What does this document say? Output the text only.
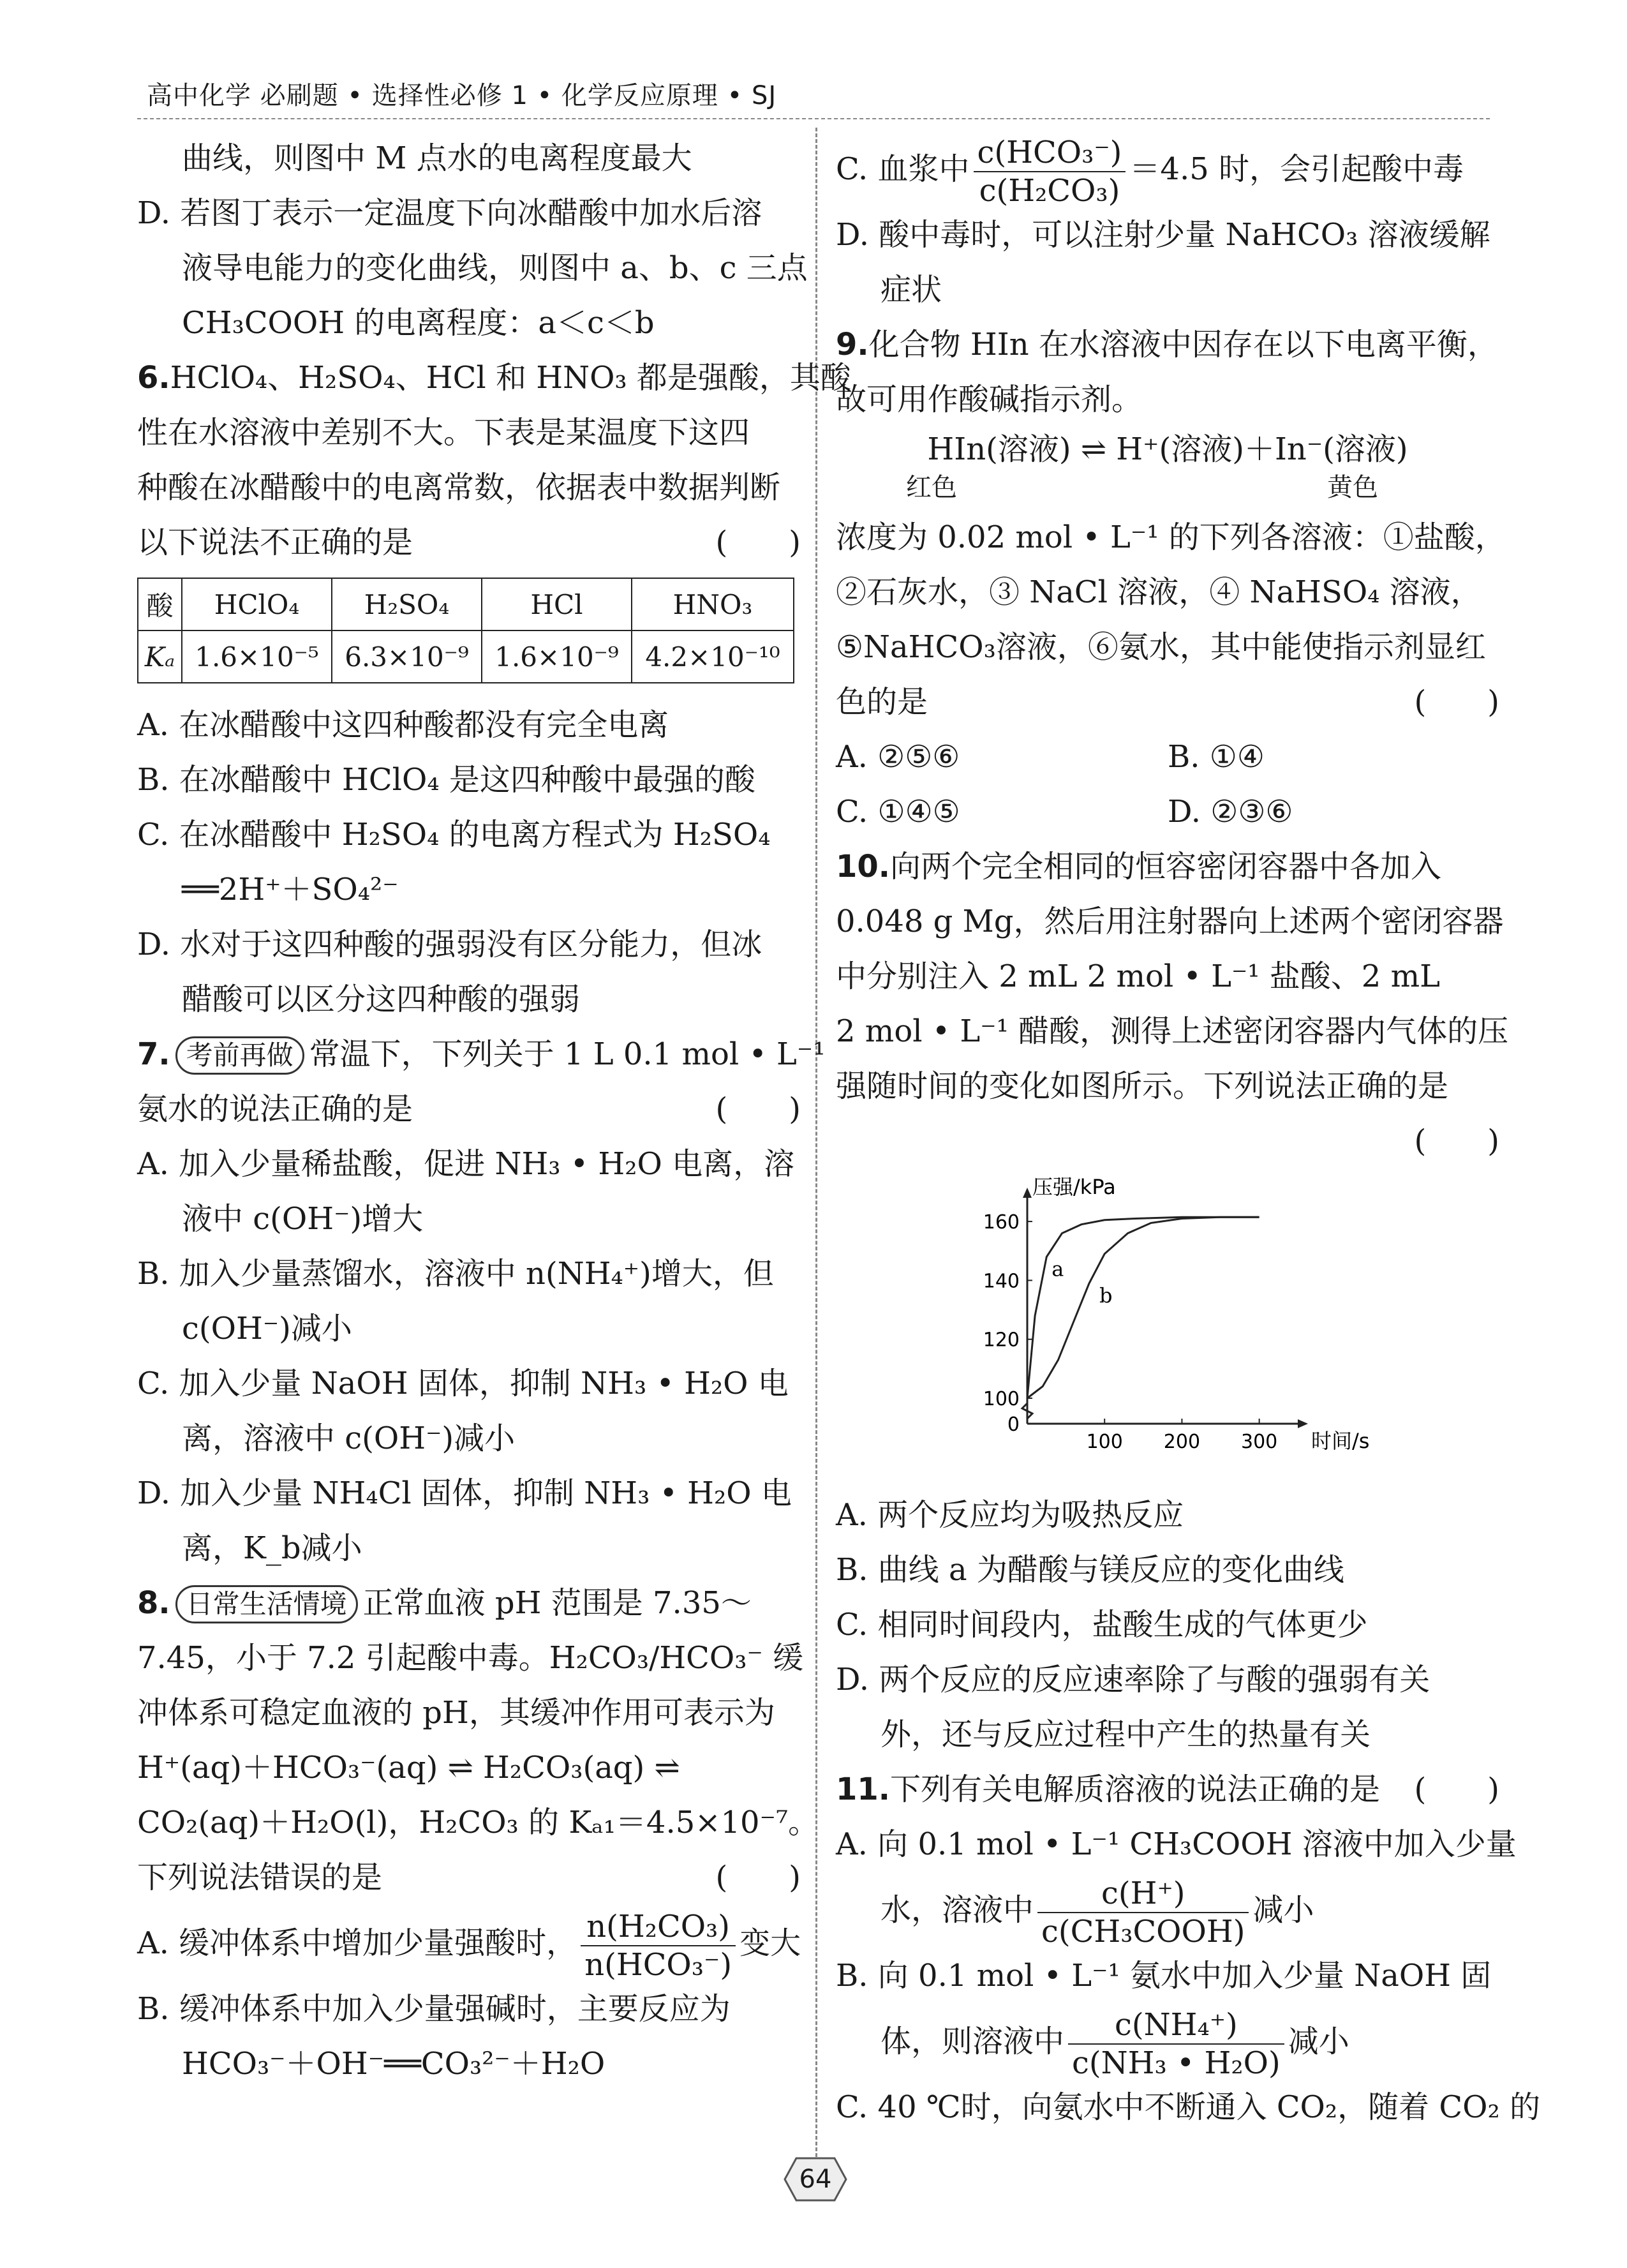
高中化学 必刷题 • 选择性必修 1 • 化学反应原理 • SJ
曲线，则图中 M 点水的电离程度最大
D. 若图丁表示一定温度下向冰醋酸中加水后溶
液导电能力的变化曲线，则图中 a、b、c 三点
CH₃COOH 的电离程度：a＜c＜b
6.HClO₄、H₂SO₄、HCl 和 HNO₃ 都是强酸，其酸
性在水溶液中差别不大。下表是某温度下这四
种酸在冰醋酸中的电离常数，依据表中数据判断
以下说法不正确的是	(　　)
酸	HClO₄	H₂SO₄	HCl	HNO₃
Kₐ	1.6×10⁻⁵	6.3×10⁻⁹	1.6×10⁻⁹	4.2×10⁻¹⁰
A. 在冰醋酸中这四种酸都没有完全电离
B. 在冰醋酸中 HClO₄ 是这四种酸中最强的酸
C. 在冰醋酸中 H₂SO₄ 的电离方程式为 H₂SO₄
══2H⁺＋SO₄²⁻
D. 水对于这四种酸的强弱没有区分能力，但冰
醋酸可以区分这四种酸的强弱
7. 考前再做 常温下，下列关于 1 L 0.1 mol • L⁻¹
氨水的说法正确的是	(　　)
A. 加入少量稀盐酸，促进 NH₃ • H₂O 电离，溶
液中 c(OH⁻)增大
B. 加入少量蒸馏水，溶液中 n(NH₄⁺)增大，但
c(OH⁻)减小
C. 加入少量 NaOH 固体，抑制 NH₃ • H₂O 电
离，溶液中 c(OH⁻)减小
D. 加入少量 NH₄Cl 固体，抑制 NH₃ • H₂O 电
离，K_b减小
8. 日常生活情境 正常血液 pH 范围是 7.35～
7.45，小于 7.2 引起酸中毒。H₂CO₃/HCO₃⁻ 缓
冲体系可稳定血液的 pH，其缓冲作用可表示为
H⁺(aq)＋HCO₃⁻(aq) ⇌ H₂CO₃(aq) ⇌
CO₂(aq)＋H₂O(l)，H₂CO₃ 的 Kₐ₁＝4.5×10⁻⁷。
下列说法错误的是	(　　)
A. 缓冲体系中增加少量强酸时， $\frac{\text{n(H₂CO₃)}}{\text{n(HCO₃⁻)}}$ 变大
B. 缓冲体系中加入少量强碱时，主要反应为
HCO₃⁻＋OH⁻══CO₃²⁻＋H₂O
C. 血浆中 $\frac{\text{c(HCO₃⁻)}}{\text{c(H₂CO₃)}} =4.5$ 时，会引起酸中毒
D. 酸中毒时，可以注射少量 NaHCO₃ 溶液缓解
症状
9.化合物 HIn 在水溶液中因存在以下电离平衡，
故可用作酸碱指示剂。
HIn(溶液) ⇌ H⁺(溶液)＋In⁻(溶液)
红色	黄色
浓度为 0.02 mol • L⁻¹ 的下列各溶液：①盐酸，
②石灰水，③ NaCl 溶液，④ NaHSO₄ 溶液，
⑤NaHCO₃溶液，⑥氨水，其中能使指示剂显红
色的是	(　　)
A. ②⑤⑥	B. ①④
C. ①④⑤	D. ②③⑥
10.向两个完全相同的恒容密闭容器中各加入
0.048 g Mg，然后用注射器向上述两个密闭容器
中分别注入 2 mL 2 mol • L⁻¹ 盐酸、2 mL
2 mol • L⁻¹ 醋酸，测得上述密闭容器内气体的压
强随时间的变化如图所示。下列说法正确的是
(　　)
压强/kPa
时间/s
0
100
120
140
160
100 200 300
a
b
A. 两个反应均为吸热反应
B. 曲线 a 为醋酸与镁反应的变化曲线
C. 相同时间段内，盐酸生成的气体更少
D. 两个反应的反应速率除了与酸的强弱有关
外，还与反应过程中产生的热量有关
11.下列有关电解质溶液的说法正确的是 (　　)
A. 向 0.1 mol • L⁻¹ CH₃COOH 溶液中加入少量
水，溶液中 $\frac{c(H^+)}{\text{c(CH₃COOH)}}$ 减小
B. 向 0.1 mol • L⁻¹ 氨水中加入少量 NaOH 固
体，则溶液中 $\frac{\text{c(NH₄⁺)}}{\text{c(NH₃ • H₂O)}}$ 减小
C. 40 ℃时，向氨水中不断通入 CO₂，随着 CO₂ 的
64
